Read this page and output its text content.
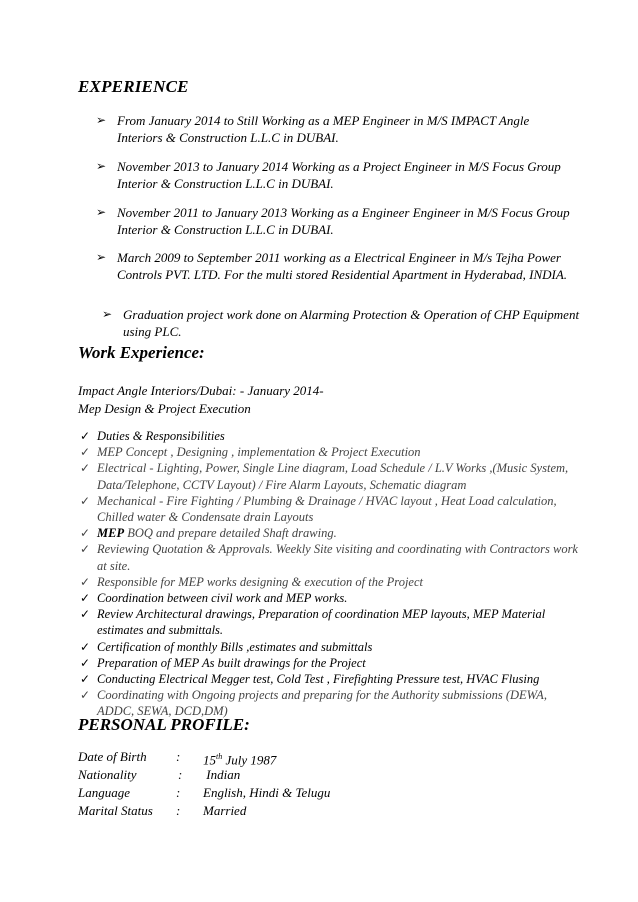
EXPERIENCE
➢ From January 2014 to Still Working as a MEP Engineer in M/S IMPACT Angle Interiors & Construction L.L.C in DUBAI.
➢ November 2013 to January 2014 Working as a Project Engineer in M/S Focus Group Interior & Construction L.L.C in DUBAI.
➢ November 2011 to January 2013 Working as a Engineer Engineer in M/S Focus Group Interior & Construction L.L.C in DUBAI.
➢ March 2009 to September 2011 working as a Electrical Engineer in M/s Tejha Power Controls PVT. LTD. For the multi stored Residential Apartment in Hyderabad, INDIA.
➢ Graduation project work done on Alarming Protection & Operation of CHP Equipment using PLC.
Work Experience:
Impact Angle Interiors/Dubai: - January 2014-
Mep Design & Project Execution
✓ Duties & Responsibilities
✓ MEP Concept , Designing , implementation & Project Execution
✓ Electrical - Lighting, Power, Single Line diagram, Load Schedule / L.V Works ,(Music System, Data/Telephone, CCTV Layout) / Fire Alarm Layouts, Schematic diagram
✓ Mechanical - Fire Fighting / Plumbing & Drainage / HVAC layout , Heat Load calculation, Chilled water & Condensate drain Layouts
✓ MEP BOQ and prepare detailed Shaft drawing.
✓ Reviewing Quotation & Approvals. Weekly Site visiting and coordinating with Contractors work at site.
✓ Responsible for MEP works designing & execution of the Project
✓ Coordination between civil work and MEP works.
✓ Review Architectural drawings, Preparation of coordination MEP layouts, MEP Material estimates and submittals.
✓ Certification of monthly Bills ,estimates and submittals
✓ Preparation of MEP As built drawings for the Project
✓ Conducting Electrical Megger test, Cold Test , Firefighting Pressure test, HVAC Flusing
✓ Coordinating with Ongoing projects and preparing for the Authority submissions (DEWA, ADDC, SEWA, DCD,DM)
PERSONAL PROFILE:
Date of Birth : 15th July 1987
Nationality	: Indian
Language	: English, Hindi & Telugu
Marital Status : Married
